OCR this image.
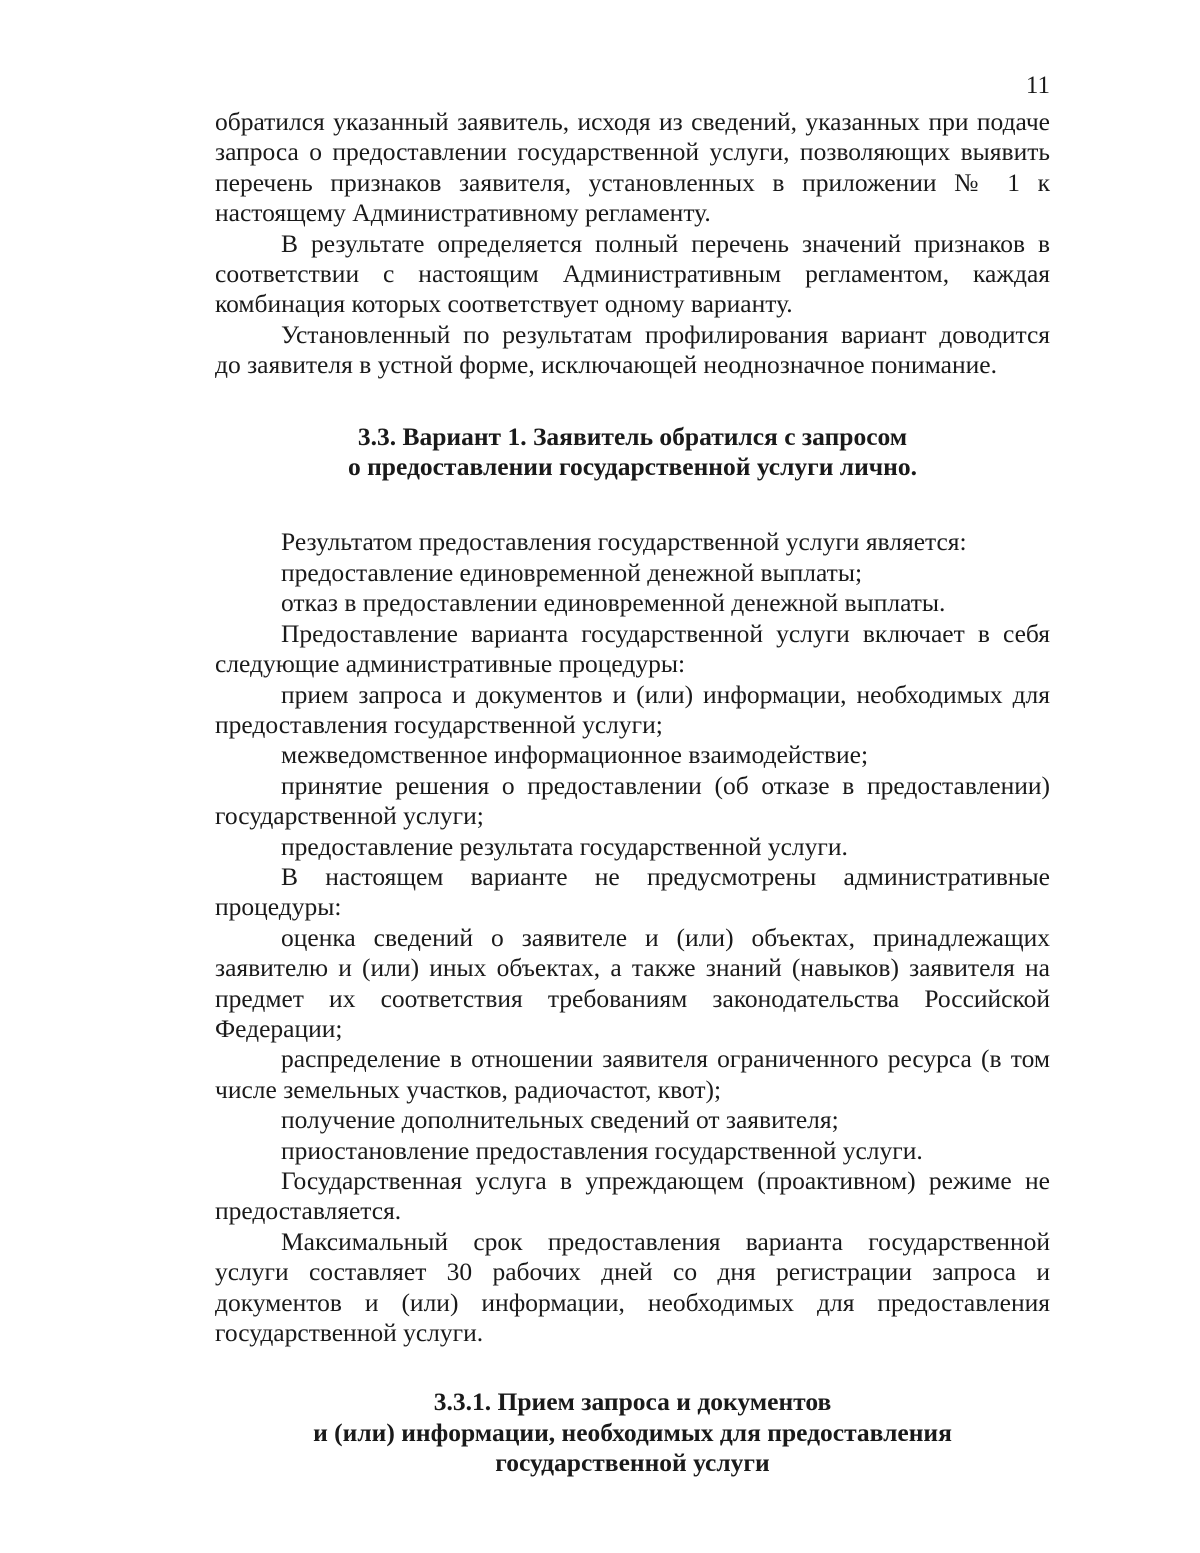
11

обратился указанный заявитель, исходя из сведений, указанных при подаче запроса о предоставлении государственной услуги, позволяющих выявить перечень признаков заявителя, установленных в приложении № 1 к настоящему Административному регламенту.

В результате определяется полный перечень значений признаков в соответствии с настоящим Административным регламентом, каждая комбинация которых соответствует одному варианту.

Установленный по результатам профилирования вариант доводится до заявителя в устной форме, исключающей неоднозначное понимание.

3.3. Вариант 1. Заявитель обратился с запросом
о предоставлении государственной услуги лично.

Результатом предоставления государственной услуги является:

предоставление единовременной денежной выплаты;

отказ в предоставлении единовременной денежной выплаты.

Предоставление варианта государственной услуги включает в себя следующие административные процедуры:

прием запроса и документов и (или) информации, необходимых для предоставления государственной услуги;

межведомственное информационное взаимодействие;

принятие решения о предоставлении (об отказе в предоставлении) государственной услуги;

предоставление результата государственной услуги.

В настоящем варианте не предусмотрены административные процедуры:

оценка сведений о заявителе и (или) объектах, принадлежащих заявителю и (или) иных объектах, а также знаний (навыков) заявителя на предмет их соответствия требованиям законодательства Российской Федерации;

распределение в отношении заявителя ограниченного ресурса (в том числе земельных участков, радиочастот, квот);

получение дополнительных сведений от заявителя;

приостановление предоставления государственной услуги.

Государственная услуга в упреждающем (проактивном) режиме не предоставляется.

Максимальный срок предоставления варианта государственной услуги составляет 30 рабочих дней со дня регистрации запроса и документов и (или) информации, необходимых для предоставления государственной услуги.

3.3.1. Прием запроса и документов
и (или) информации, необходимых для предоставления
государственной услуги
